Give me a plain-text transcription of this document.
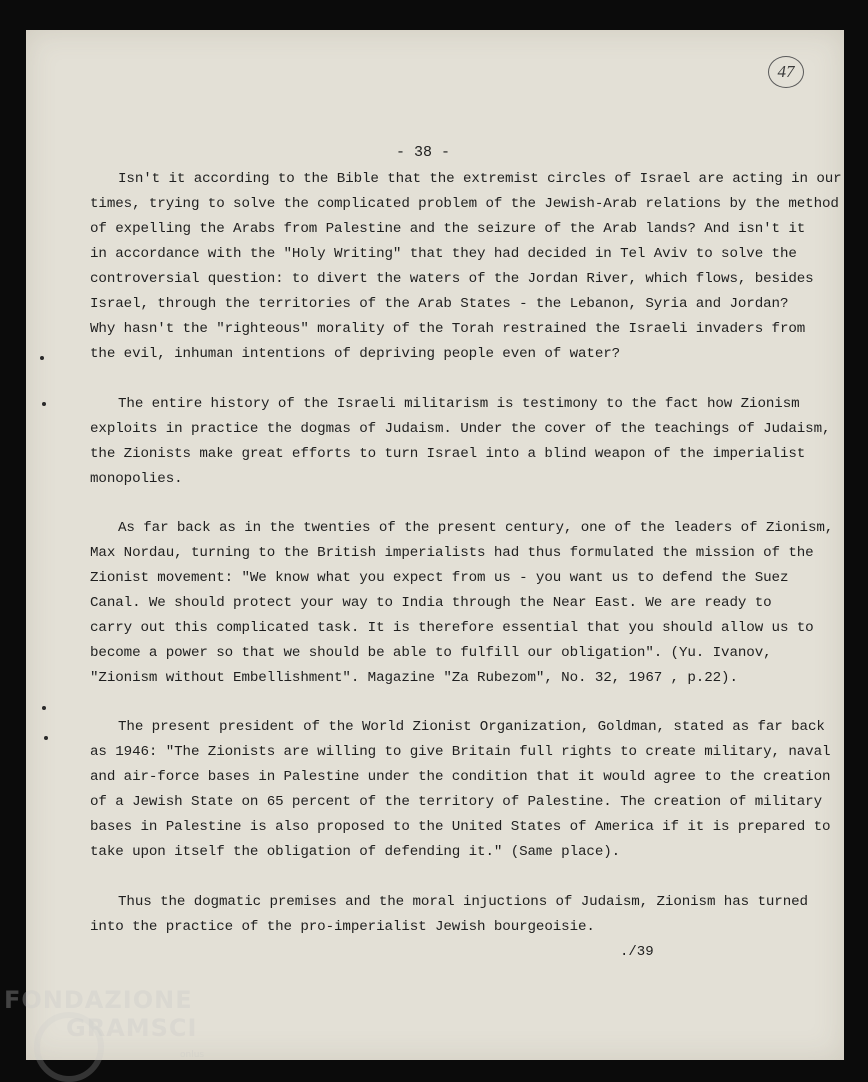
47
- 38 -
Isn't it according to the Bible that the extremist circles of Israel are acting in our
times, trying to solve the complicated problem of the Jewish-Arab relations by the method
of expelling the Arabs from Palestine and the seizure of the Arab lands? And isn't it
in accordance with the "Holy Writing" that they had decided in Tel Aviv to solve the
controversial question: to divert the waters of the Jordan River, which flows, besides
Israel, through the territories of the Arab States - the Lebanon, Syria and Jordan?
Why hasn't the "righteous" morality of the Torah restrained the Israeli invaders from
the evil, inhuman intentions of depriving people even of water?
The entire history of the Israeli militarism is testimony to the fact how Zionism
exploits in practice the dogmas of Judaism. Under the cover of the teachings of Judaism,
the Zionists make great efforts to turn Israel into a blind weapon of the imperialist
monopolies.
As far back as in the twenties of the present century, one of the leaders of Zionism,
Max Nordau, turning to the British imperialists had thus formulated the mission of the
Zionist movement: "We know what you expect from us - you want us to defend the Suez
Canal. We should protect your way to India through the Near East. We are ready to
carry out this complicated task. It is therefore essential that you should allow us to
become a power so that we should be able to fulfill our obligation". (Yu. Ivanov,
"Zionism without Embellishment". Magazine "Za Rubezom", No. 32, 1967 , p.22).
The present president of the World Zionist Organization, Goldman, stated as far back
as 1946: "The Zionists are willing to give Britain full rights to create military, naval
and air-force bases in Palestine under the condition that it would agree to the creation
of a Jewish State on 65 percent of the territory of Palestine. The creation of military
bases in Palestine is also proposed to the United States of America if it is prepared to
take upon itself the obligation of defending it." (Same place).
Thus the dogmatic premises and the moral injuctions of Judaism, Zionism has turned
into the practice of the pro-imperialist Jewish bourgeoisie.
./39
FONDAZIONE
GRAMSCI
onlus
